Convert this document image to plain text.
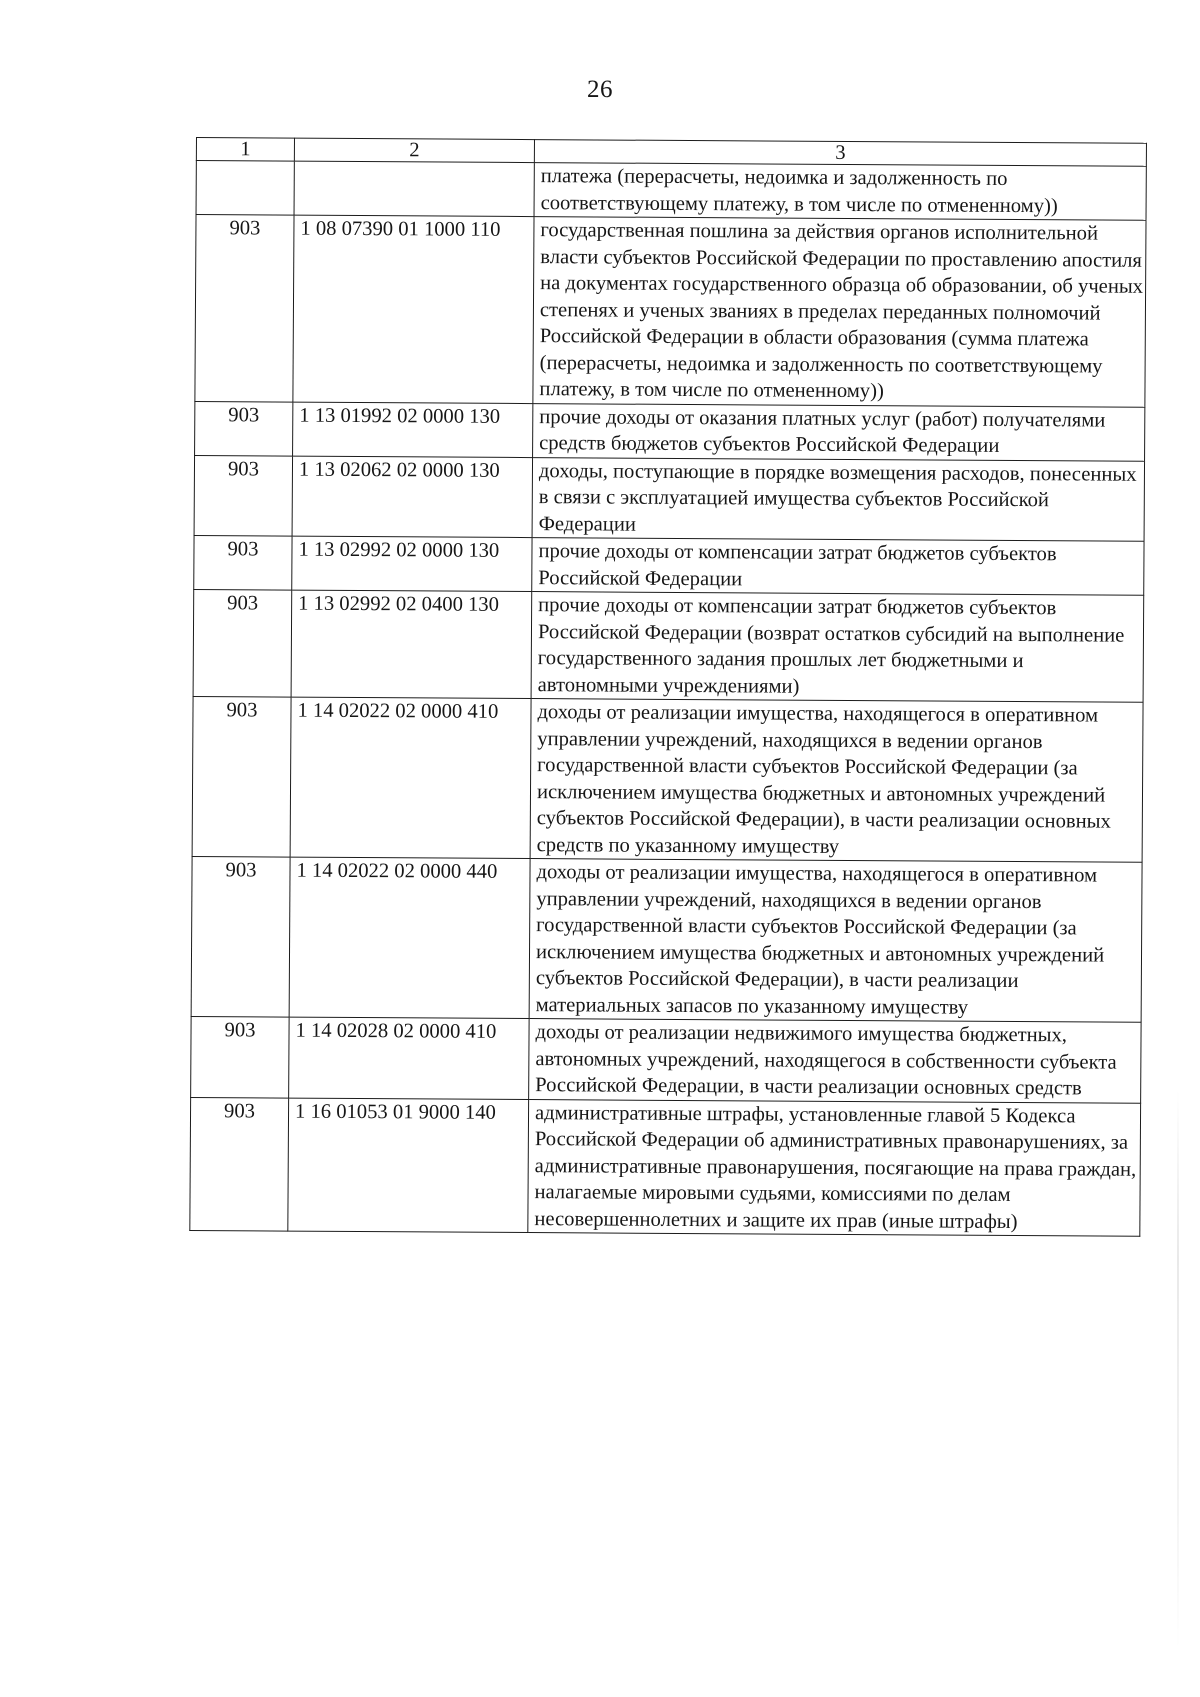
26
1	2	3
		платежа (перерасчеты, недоимка и задолженность по соответствующему платежу, в том числе по отмененному))
903	1 08 07390 01 1000 110	государственная пошлина за действия органов исполнительной власти субъектов Российской Федерации по проставлению апостиля на документах государственного образца об образовании, об ученых степенях и ученых званиях в пределах переданных полномочий Российской Федерации в области образования (сумма платежа (перерасчеты, недоимка и задолженность по соответствующему платежу, в том числе по отмененному))
903	1 13 01992 02 0000 130	прочие доходы от оказания платных услуг (работ) получателями средств бюджетов субъектов Российской Федерации
903	1 13 02062 02 0000 130	доходы, поступающие в порядке возмещения расходов, понесенных в связи с эксплуатацией имущества субъектов Российской Федерации
903	1 13 02992 02 0000 130	прочие доходы от компенсации затрат бюджетов субъектов Российской Федерации
903	1 13 02992 02 0400 130	прочие доходы от компенсации затрат бюджетов субъектов Российской Федерации (возврат остатков субсидий на выполнение государственного задания прошлых лет бюджетными и автономными учреждениями)
903	1 14 02022 02 0000 410	доходы от реализации имущества, находящегося в оперативном управлении учреждений, находящихся в ведении органов государственной власти субъектов Российской Федерации (за исключением имущества бюджетных и автономных учреждений субъектов Российской Федерации), в части реализации основных средств по указанному имуществу
903	1 14 02022 02 0000 440	доходы от реализации имущества, находящегося в оперативном управлении учреждений, находящихся в ведении органов государственной власти субъектов Российской Федерации (за исключением имущества бюджетных и автономных учреждений субъектов Российской Федерации), в части реализации материальных запасов по указанному имуществу
903	1 14 02028 02 0000 410	доходы от реализации недвижимого имущества бюджетных, автономных учреждений, находящегося в собственности субъекта Российской Федерации, в части реализации основных средств
903	1 16 01053 01 9000 140	административные штрафы, установленные главой 5 Кодекса Российской Федерации об административных правонарушениях, за административные правонарушения, посягающие на права граждан, налагаемые мировыми судьями, комиссиями по делам несовершеннолетних и защите их прав (иные штрафы)
